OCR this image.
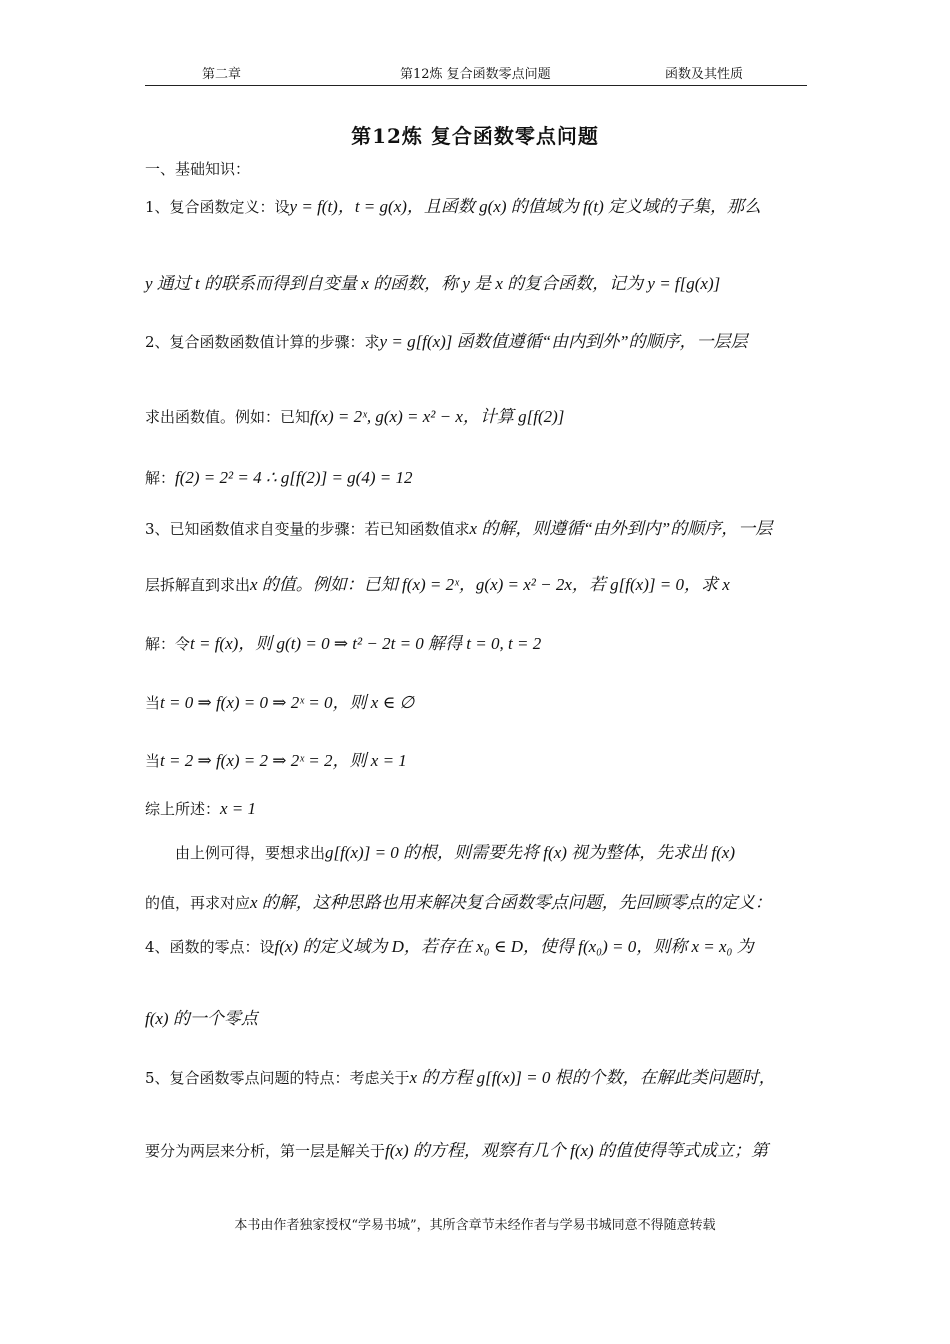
第二章	第12炼 复合函数零点问题	函数及其性质
第12炼 复合函数零点问题
一、基础知识：
1、复合函数定义：设y = f(t)，t = g(x)，且函数 g(x) 的值域为 f(t) 定义域的子集，那么
y 通过 t 的联系而得到自变量 x 的函数，称 y 是 x 的复合函数，记为 y = f[g(x)]
2、复合函数函数值计算的步骤：求y = g[f(x)] 函数值遵循“由内到外”的顺序，一层层
求出函数值。例如：已知f(x) = 2ˣ, g(x) = x² − x，计算 g[f(2)]
解：f(2) = 2² = 4 ∴ g[f(2)] = g(4) = 12
3、已知函数值求自变量的步骤：若已知函数值求x 的解，则遵循“由外到内”的顺序，一层
层拆解直到求出x 的值。例如：已知 f(x) = 2ˣ，g(x) = x² − 2x，若 g[f(x)] = 0，求 x
解：令t = f(x)，则 g(t) = 0 ⇒ t² − 2t = 0 解得 t = 0, t = 2
当t = 0 ⇒ f(x) = 0 ⇒ 2ˣ = 0，则 x ∈ ∅
当t = 2 ⇒ f(x) = 2 ⇒ 2ˣ = 2，则 x = 1
综上所述：x = 1
　　由上例可得，要想求出g[f(x)] = 0 的根，则需要先将 f(x) 视为整体，先求出 f(x)
的值，再求对应x 的解，这种思路也用来解决复合函数零点问题，先回顾零点的定义：
4、函数的零点：设f(x) 的定义域为 D，若存在 x₀ ∈ D，使得 f(x₀) = 0，则称 x = x₀ 为
f(x) 的一个零点
5、复合函数零点问题的特点：考虑关于x 的方程 g[f(x)] = 0 根的个数，在解此类问题时，
要分为两层来分析，第一层是解关于f(x) 的方程，观察有几个 f(x) 的值使得等式成立；第
本书由作者独家授权“学易书城”，其所含章节未经作者与学易书城同意不得随意转载
